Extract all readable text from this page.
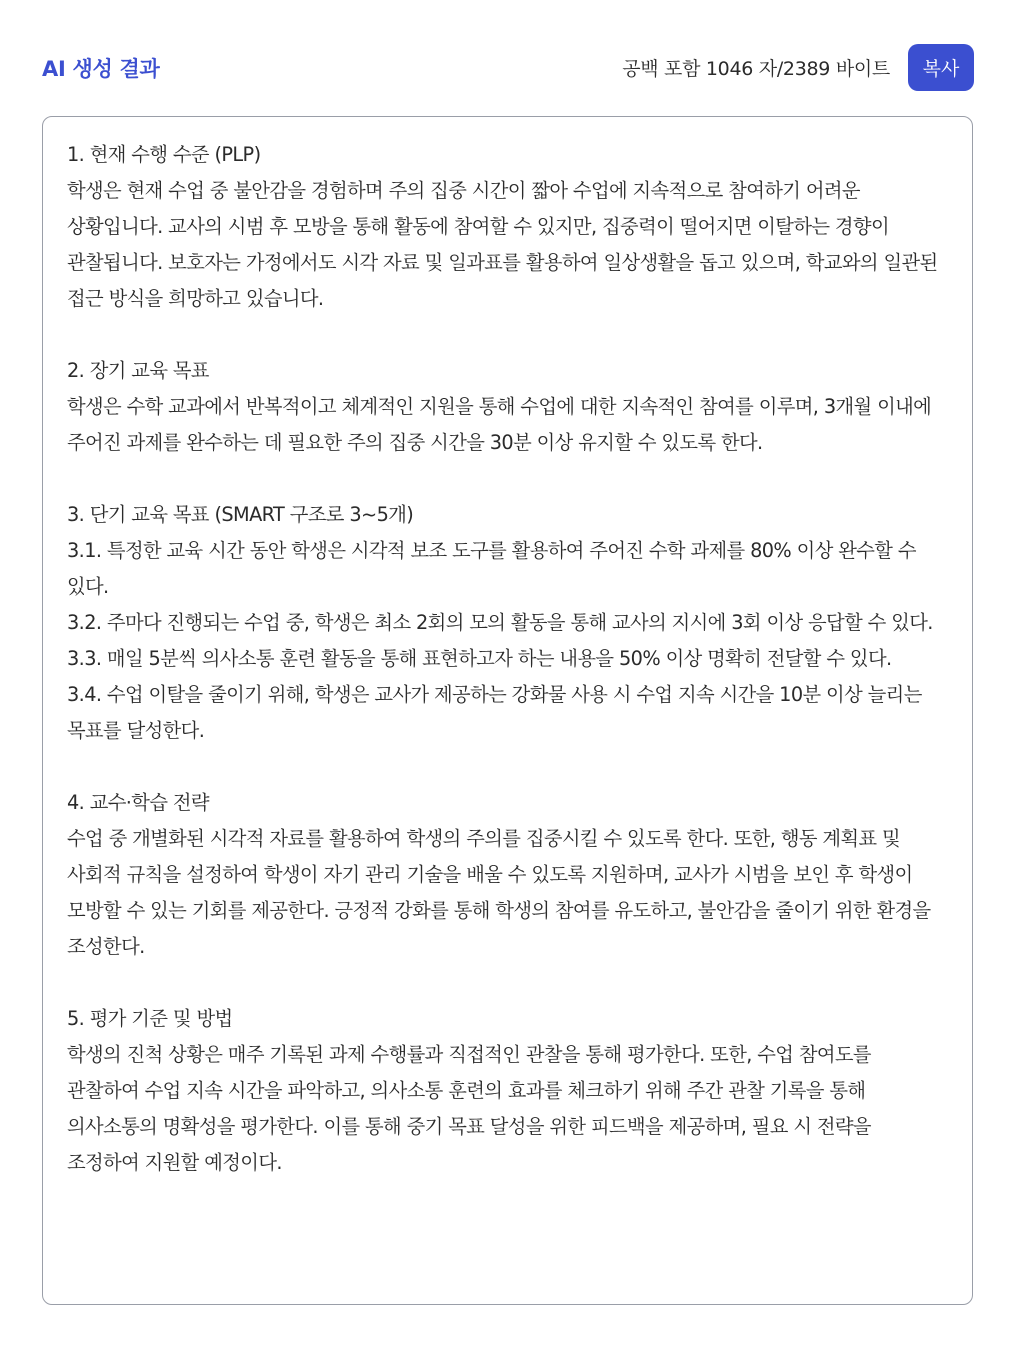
AI 생성 결과	공백 포함 1046 자/2389 바이트	복사

1. 현재 수행 수준 (PLP)
학생은 현재 수업 중 불안감을 경험하며 주의 집중 시간이 짧아 수업에 지속적으로 참여하기 어려운 상황입니다. 교사의 시범 후 모방을 통해 활동에 참여할 수 있지만, 집중력이 떨어지면 이탈하는 경향이 관찰됩니다. 보호자는 가정에서도 시각 자료 및 일과표를 활용하여 일상생활을 돕고 있으며, 학교와의 일관된 접근 방식을 희망하고 있습니다.

2. 장기 교육 목표
학생은 수학 교과에서 반복적이고 체계적인 지원을 통해 수업에 대한 지속적인 참여를 이루며, 3개월 이내에 주어진 과제를 완수하는 데 필요한 주의 집중 시간을 30분 이상 유지할 수 있도록 한다.

3. 단기 교육 목표 (SMART 구조로 3~5개)
3.1. 특정한 교육 시간 동안 학생은 시각적 보조 도구를 활용하여 주어진 수학 과제를 80% 이상 완수할 수 있다.
3.2. 주마다 진행되는 수업 중, 학생은 최소 2회의 모의 활동을 통해 교사의 지시에 3회 이상 응답할 수 있다.
3.3. 매일 5분씩 의사소통 훈련 활동을 통해 표현하고자 하는 내용을 50% 이상 명확히 전달할 수 있다.
3.4. 수업 이탈을 줄이기 위해, 학생은 교사가 제공하는 강화물 사용 시 수업 지속 시간을 10분 이상 늘리는 목표를 달성한다.

4. 교수·학습 전략
수업 중 개별화된 시각적 자료를 활용하여 학생의 주의를 집중시킬 수 있도록 한다. 또한, 행동 계획표 및 사회적 규칙을 설정하여 학생이 자기 관리 기술을 배울 수 있도록 지원하며, 교사가 시범을 보인 후 학생이 모방할 수 있는 기회를 제공한다. 긍정적 강화를 통해 학생의 참여를 유도하고, 불안감을 줄이기 위한 환경을 조성한다.

5. 평가 기준 및 방법
학생의 진척 상황은 매주 기록된 과제 수행률과 직접적인 관찰을 통해 평가한다. 또한, 수업 참여도를 관찰하여 수업 지속 시간을 파악하고, 의사소통 훈련의 효과를 체크하기 위해 주간 관찰 기록을 통해 의사소통의 명확성을 평가한다. 이를 통해 중기 목표 달성을 위한 피드백을 제공하며, 필요 시 전략을 조정하여 지원할 예정이다.
